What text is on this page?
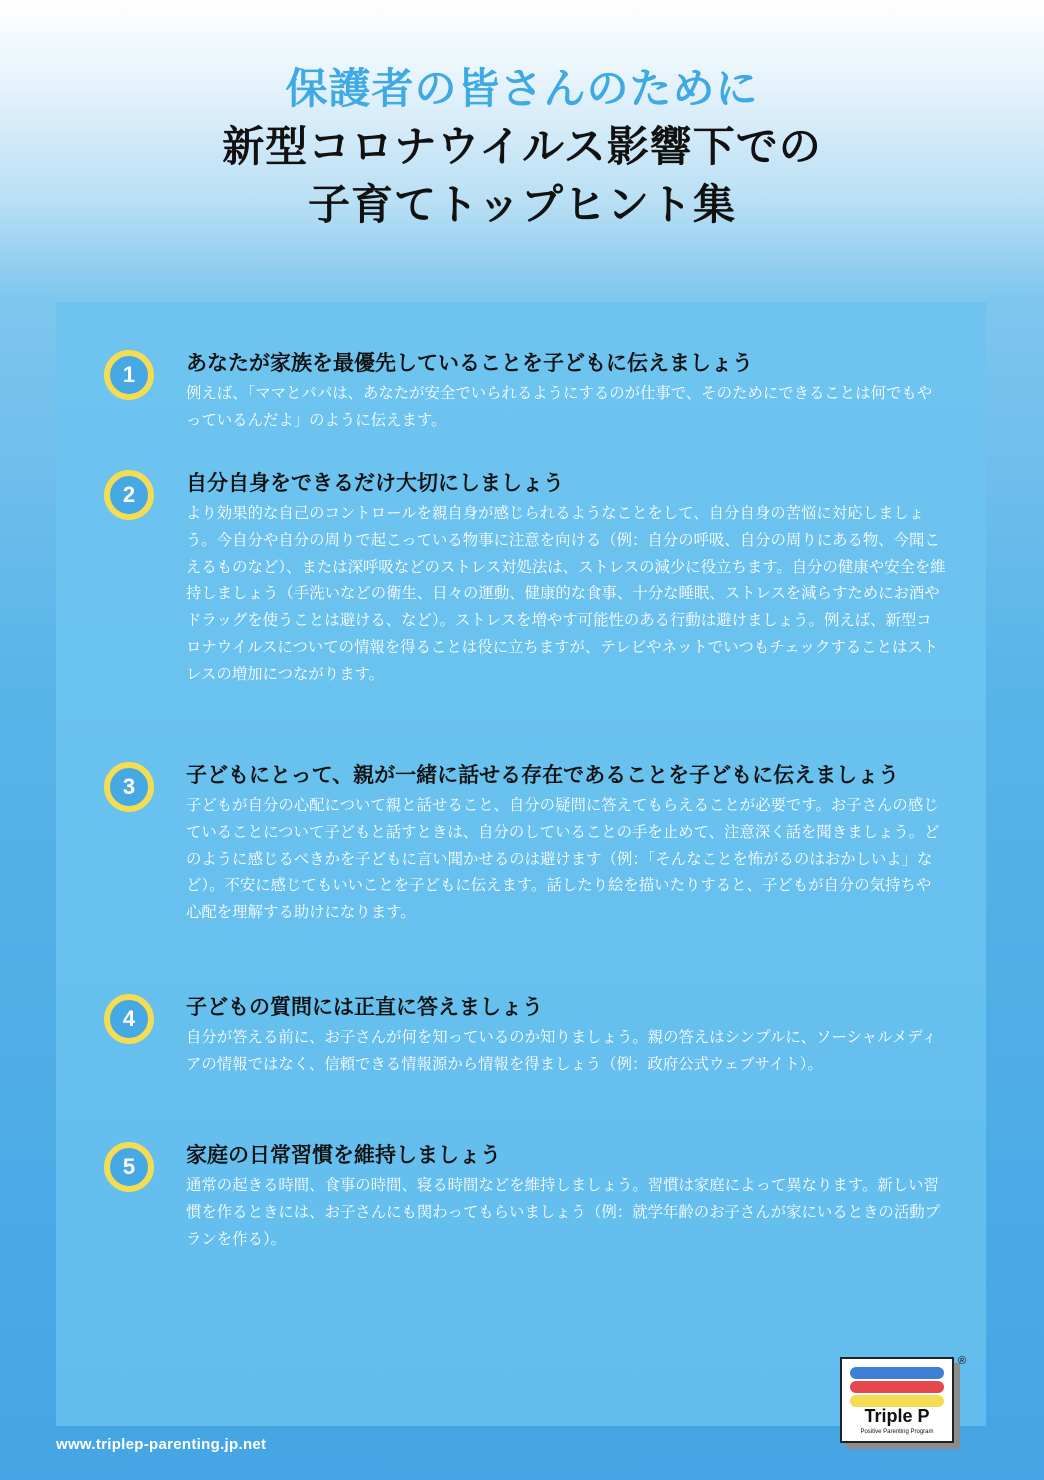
保護者の皆さんのために
新型コロナウイルス影響下での
子育てトップヒント集
1	あなたが家族を最優先していることを子どもに伝えましょう
例えば、「ママとパパは、あなたが安全でいられるようにするのが仕事で、そのためにできることは何でもやっているんだよ」のように伝えます。
2	自分自身をできるだけ大切にしましょう
より効果的な自己のコントロールを親自身が感じられるようなことをして、自分自身の苦悩に対応しましょう。今自分や自分の周りで起こっている物事に注意を向ける（例：自分の呼吸、自分の周りにある物、今聞こえるものなど）、または深呼吸などのストレス対処法は、ストレスの減少に役立ちます。自分の健康や安全を維持しましょう（手洗いなどの衛生、日々の運動、健康的な食事、十分な睡眠、ストレスを減らすためにお酒やドラッグを使うことは避ける、など）。ストレスを増やす可能性のある行動は避けましょう。例えば、新型コロナウイルスについての情報を得ることは役に立ちますが、テレビやネットでいつもチェックすることはストレスの増加につながります。
3	子どもにとって、親が一緒に話せる存在であることを子どもに伝えましょう
子どもが自分の心配について親と話せること、自分の疑問に答えてもらえることが必要です。お子さんの感じていることについて子どもと話すときは、自分のしていることの手を止めて、注意深く話を聞きましょう。どのように感じるべきかを子どもに言い聞かせるのは避けます（例：「そんなことを怖がるのはおかしいよ」など）。不安に感じてもいいことを子どもに伝えます。話したり絵を描いたりすると、子どもが自分の気持ちや心配を理解する助けになります。
4	子どもの質問には正直に答えましょう
自分が答える前に、お子さんが何を知っているのか知りましょう。親の答えはシンプルに、ソーシャルメディアの情報ではなく、信頼できる情報源から情報を得ましょう（例：政府公式ウェブサイト）。
5	家庭の日常習慣を維持しましょう
通常の起きる時間、食事の時間、寝る時間などを維持しましょう。習慣は家庭によって異なります。新しい習慣を作るときには、お子さんにも関わってもらいましょう（例：就学年齢のお子さんが家にいるときの活動プランを作る）。
Triple P
Positive Parenting Program
®
www.triplep-parenting.jp.net
